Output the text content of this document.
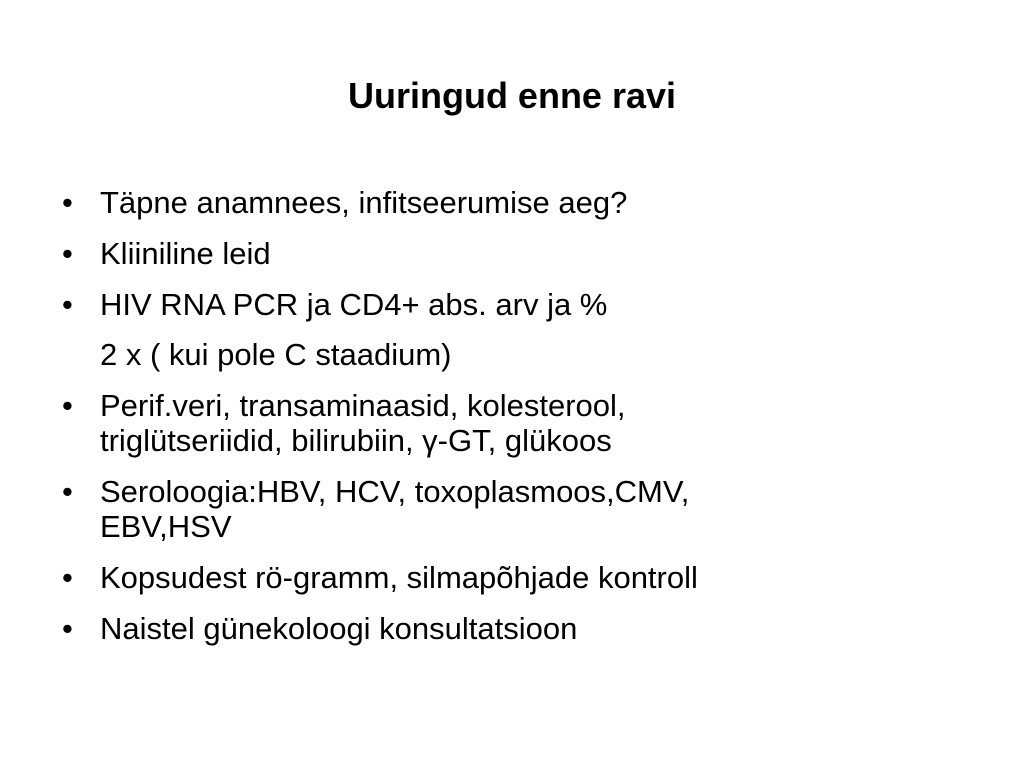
Uuringud enne ravi
• Täpne anamnees, infitseerumise aeg?
• Kliiniline leid
• HIV RNA PCR ja CD4+ abs. arv ja %
2 x ( kui pole C staadium)
• Perif.veri, transaminaasid, kolesterool,
triglütseriidid, bilirubiin, γ-GT, glükoos
• Seroloogia:HBV, HCV, toxoplasmoos,CMV,
EBV,HSV
• Kopsudest rö-gramm, silmapõhjade kontroll
• Naistel günekoloogi konsultatsioon
